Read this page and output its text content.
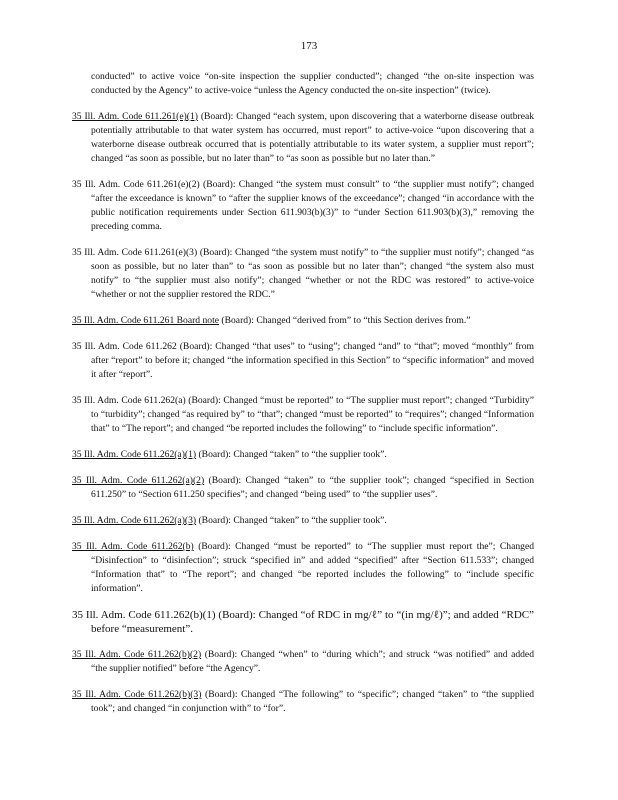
173

conducted” to active voice “on-site inspection the supplier conducted”; changed “the on-site inspection was conducted by the Agency” to active-voice “unless the Agency conducted the on-site inspection” (twice).

35 Ill. Adm. Code 611.261(e)(1) (Board): Changed “each system, upon discovering that a waterborne disease outbreak potentially attributable to that water system has occurred, must report” to active-voice “upon discovering that a waterborne disease outbreak occurred that is potentially attributable to its water system, a supplier must report”; changed “as soon as possible, but no later than” to “as soon as possible but no later than.”

35 Ill. Adm. Code 611.261(e)(2) (Board): Changed “the system must consult” to “the supplier must notify”; changed “after the exceedance is known” to “after the supplier knows of the exceedance”; changed “in accordance with the public notification requirements under Section 611.903(b)(3)” to “under Section 611.903(b)(3),” removing the preceding comma.

35 Ill. Adm. Code 611.261(e)(3) (Board): Changed “the system must notify” to “the supplier must notify”; changed “as soon as possible, but no later than” to “as soon as possible but no later than”; changed “the system also must notify” to “the supplier must also notify”; changed “whether or not the RDC was restored” to active-voice “whether or not the supplier restored the RDC.”

35 Ill. Adm. Code 611.261 Board note (Board): Changed “derived from” to “this Section derives from.”

35 Ill. Adm. Code 611.262 (Board): Changed “that uses” to “using”; changed “and” to “that”; moved “monthly” from after “report” to before it; changed “the information specified in this Section” to “specific information” and moved it after “report”.

35 Ill. Adm. Code 611.262(a) (Board): Changed “must be reported” to “The supplier must report”; changed “Turbidity” to “turbidity”; changed “as required by” to “that”; changed “must be reported” to “requires”; changed “Information that” to “The report”; and changed “be reported includes the following” to “include specific information”.

35 Ill. Adm. Code 611.262(a)(1) (Board): Changed “taken” to “the supplier took”.

35 Ill. Adm. Code 611.262(a)(2) (Board): Changed “taken” to “the supplier took”; changed “specified in Section 611.250” to “Section 611.250 specifies”; and changed “being used” to “the supplier uses”.

35 Ill. Adm. Code 611.262(a)(3) (Board): Changed “taken” to “the supplier took”.

35 Ill. Adm. Code 611.262(b) (Board): Changed “must be reported” to “The supplier must report the”; Changed “Disinfection” to “disinfection”; struck “specified in” and added “specified” after “Section 611.533”; changed “Information that” to “The report”; and changed “be reported includes the following” to “include specific information”.

35 Ill. Adm. Code 611.262(b)(1) (Board): Changed “of RDC in mg/ℓ” to “(in mg/ℓ)”; and added “RDC” before “measurement”.

35 Ill. Adm. Code 611.262(b)(2) (Board): Changed “when” to “during which”; and struck “was notified” and added “the supplier notified” before “the Agency”.

35 Ill. Adm. Code 611.262(b)(3) (Board): Changed “The following” to “specific”; changed “taken” to “the supplied took”; and changed “in conjunction with” to “for”.
